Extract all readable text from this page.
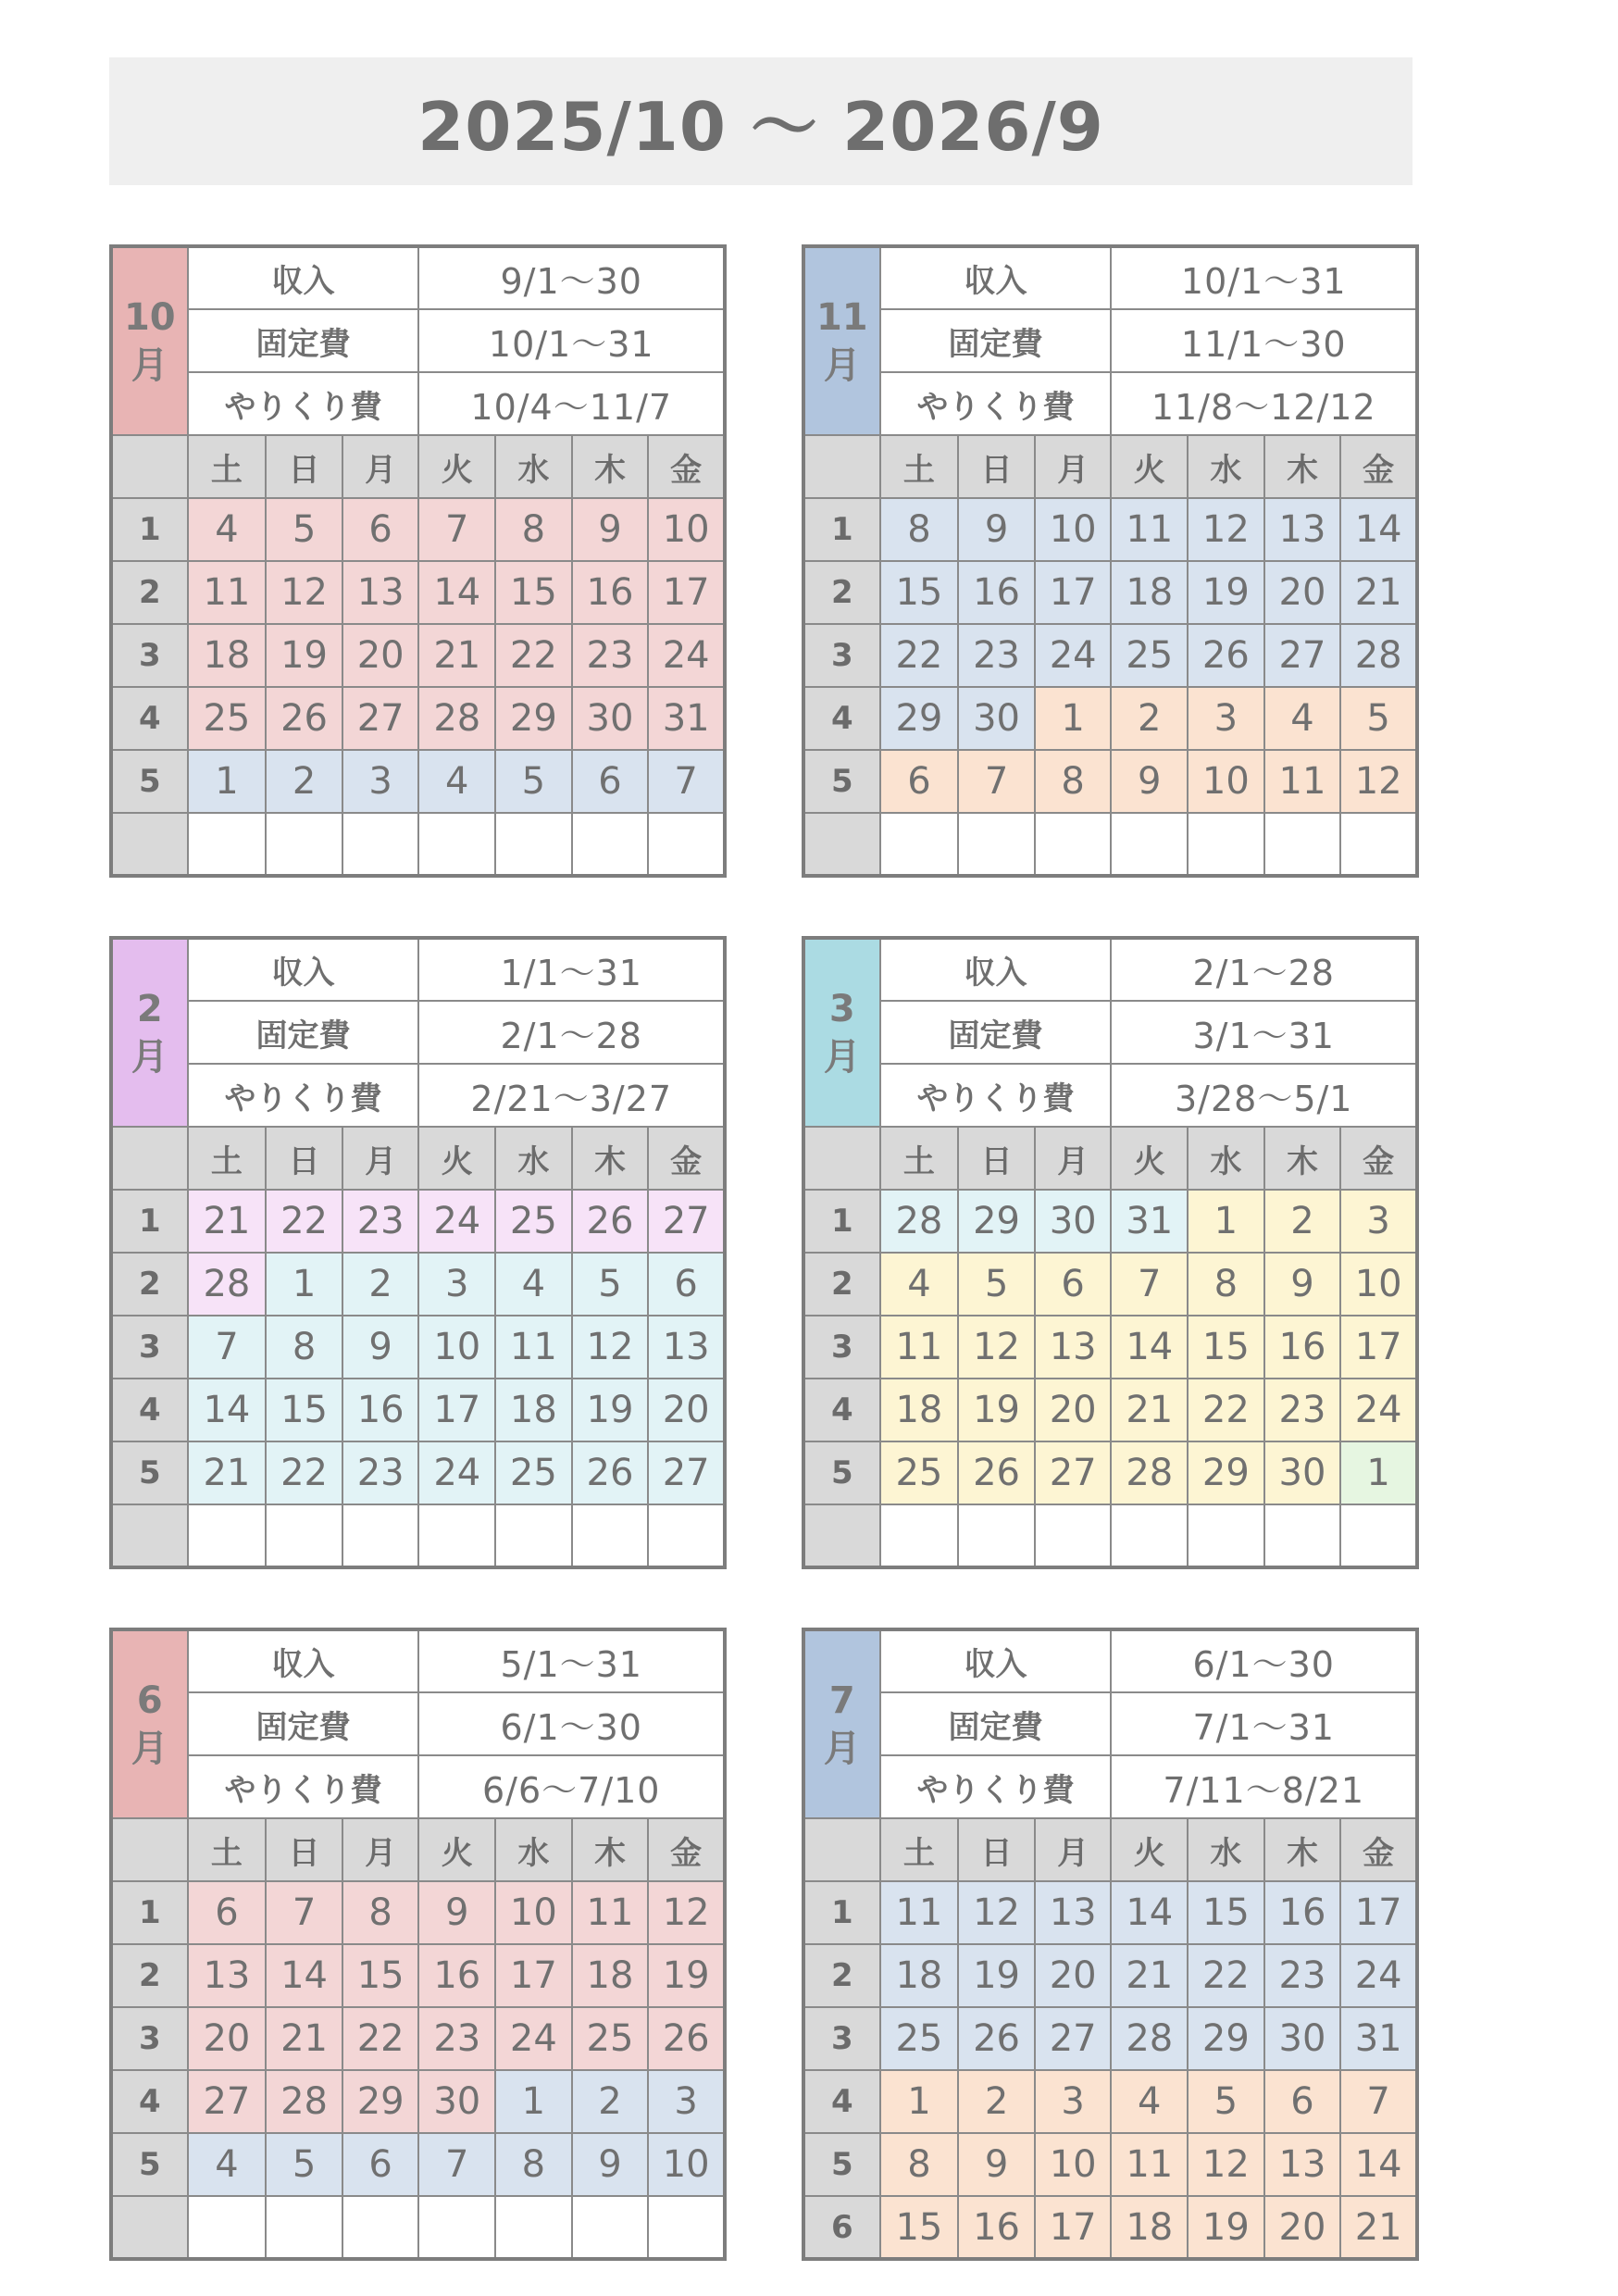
2025/10 〜 2026/9
10
月	収入			9/1〜30			
	固定費			10/1〜31			
	やりくり費			10/4〜11/7			
	土	日	月	火	水	木	金
1	4	5	6	7	8	9	10
2	11	12	13	14	15	16	17
3	18	19	20	21	22	23	24
4	25	26	27	28	29	30	31
5	1	2	3	4	5	6	7

11
月	収入			10/1〜31			
	固定費			11/1〜30			
	やりくり費			11/8〜12/12			
	土	日	月	火	水	木	金
1	8	9	10	11	12	13	14
2	15	16	17	18	19	20	21
3	22	23	24	25	26	27	28
4	29	30	1	2	3	4	5
5	6	7	8	9	10	11	12

2
月	収入			1/1〜31			
	固定費			2/1〜28			
	やりくり費			2/21〜3/27			
	土	日	月	火	水	木	金
1	21	22	23	24	25	26	27
2	28	1	2	3	4	5	6
3	7	8	9	10	11	12	13
4	14	15	16	17	18	19	20
5	21	22	23	24	25	26	27

3
月	収入			2/1〜28			
	固定費			3/1〜31			
	やりくり費			3/28〜5/1			
	土	日	月	火	水	木	金
1	28	29	30	31	1	2	3
2	4	5	6	7	8	9	10
3	11	12	13	14	15	16	17
4	18	19	20	21	22	23	24
5	25	26	27	28	29	30	1

6
月	収入			5/1〜31			
	固定費			6/1〜30			
	やりくり費			6/6〜7/10			
	土	日	月	火	水	木	金
1	6	7	8	9	10	11	12
2	13	14	15	16	17	18	19
3	20	21	22	23	24	25	26
4	27	28	29	30	1	2	3
5	4	5	6	7	8	9	10

7
月	収入			6/1〜30			
	固定費			7/1〜31			
	やりくり費			7/11〜8/21			
	土	日	月	火	水	木	金
1	11	12	13	14	15	16	17
2	18	19	20	21	22	23	24
3	25	26	27	28	29	30	31
4	1	2	3	4	5	6	7
5	8	9	10	11	12	13	14
6	15	16	17	18	19	20	21
